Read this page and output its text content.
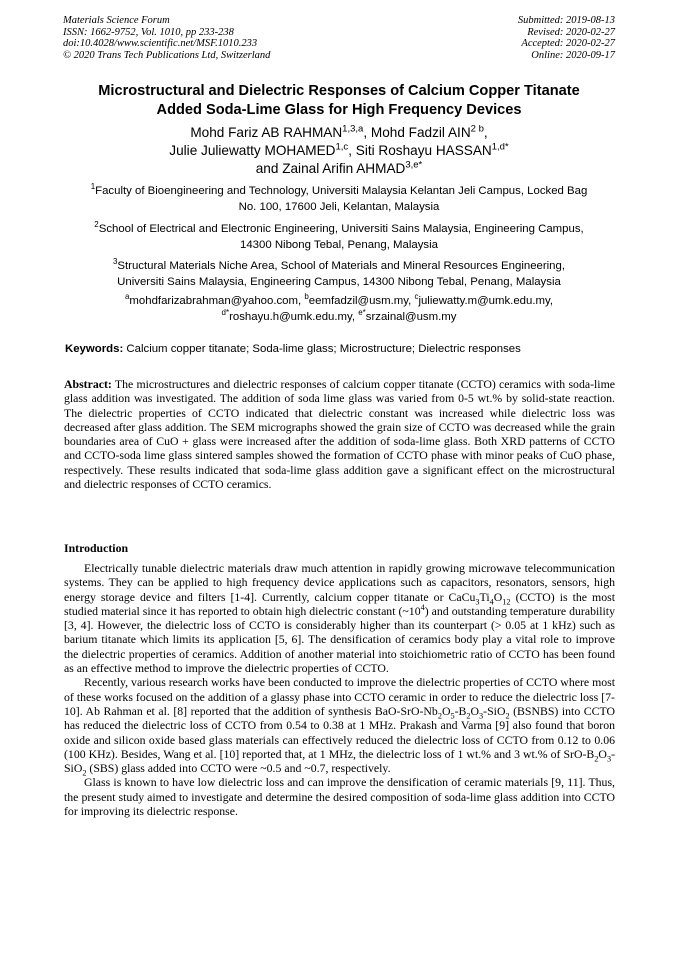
Materials Science Forum
ISSN: 1662-9752, Vol. 1010, pp 233-238
doi:10.4028/www.scientific.net/MSF.1010.233
© 2020 Trans Tech Publications Ltd, Switzerland
Submitted: 2019-08-13
Revised: 2020-02-27
Accepted: 2020-02-27
Online: 2020-09-17
Microstructural and Dielectric Responses of Calcium Copper Titanate
Added Soda-Lime Glass for High Frequency Devices
Mohd Fariz AB RAHMAN$^{1,3,a}$, Mohd Fadzil $AIN^{2 b}$,
Julie Juliewatty MOHAMED$^{1,c}$, Siti Roshayu $HASSAN^{1,d*}$
and Zainal Arifin $AHMAD^{3,e*}$
$^1$Faculty of Bioengineering and Technology, Universiti Malaysia Kelantan Jeli Campus, Locked Bag
No. 100, 17600 Jeli, Kelantan, Malaysia
$^2$School of Electrical and Electronic Engineering, Universiti Sains Malaysia, Engineering Campus,
14300 Nibong Tebal, Penang, Malaysia
$^3$Structural Materials Niche Area, School of Materials and Mineral Resources Engineering,
Universiti Sains Malaysia, Engineering Campus, 14300 Nibong Tebal, Penang, Malaysia
$^a$mohdfarizabrahman@yahoo.com, $^b$eemfadzil@usm.my, $^c$juliewatty.m@umk.edu.my,
$^{d*}$roshayu.h@umk.edu.my, $^{e*}$srzainal@usm.my
Keywords: Calcium copper titanate; Soda-lime glass; Microstructure; Dielectric responses

Abstract: The microstructures and dielectric responses of calcium copper titanate (CCTO) ceramics with soda-lime glass addition was investigated. The addition of soda lime glass was varied from 0-5 wt.% by solid-state reaction. The dielectric properties of CCTO indicated that dielectric constant was increased while dielectric loss was decreased after glass addition. The SEM micrographs showed the grain size of CCTO was decreased while the grain boundaries area of CuO + glass were increased after the addition of soda-lime glass. Both XRD patterns of CCTO and CCTO-soda lime glass sintered samples showed the formation of CCTO phase with minor peaks of CuO phase, respectively. These results indicated that soda-lime glass addition gave a significant effect on the microstructural and dielectric responses of CCTO ceramics.

Introduction

Electrically tunable dielectric materials draw much attention in rapidly growing microwave telecommunication systems. They can be applied to high frequency device applications such as capacitors, resonators, sensors, high energy storage device and filters [1-4]. Currently, calcium copper titanate or $CaCu_3Ti_4O_{12}$ (CCTO) is the most studied material since it has reported to obtain high dielectric constant $(\sim 10^4)$ and outstanding temperature durability [3, 4]. However, the dielectric loss of CCTO is considerably higher than its counterpart (> 0.05 at 1 kHz) such as barium titanate which limits its application [5, 6]. The densification of ceramics body play a vital role to improve the dielectric properties of ceramics. Addition of another material into stoichiometric ratio of CCTO has been found as an effective method to improve the dielectric properties of CCTO.

Recently, various research works have been conducted to improve the dielectric properties of CCTO where most of these works focused on the addition of a glassy phase into CCTO ceramic in order to reduce the dielectric loss [7-10]. Ab Rahman et al. [8] reported that the addition of synthesis BaO-$SrO-Nb_2O_5-B_2O_3-SiO_2$ (BSNBS) into CCTO has reduced the dielectric loss of CCTO from 0.54 to 0.38 at 1 MHz. Prakash and Varma [9] also found that boron oxide and silicon oxide based glass materials can effectively reduced the dielectric loss of CCTO from 0.12 to 0.06 (100 KHz). Besides, Wang et al. [10] reported that, at 1 MHz, the dielectric loss of 1 wt.% and 3 wt.% of SrO-$B_2O_3-SiO_2$ (SBS) glass added into CCTO were ~0.5 and ~0.7, respectively.

Glass is known to have low dielectric loss and can improve the densification of ceramic materials [9, 11]. Thus, the present study aimed to investigate and determine the desired composition of soda-lime glass addition into CCTO for improving its dielectric response.
